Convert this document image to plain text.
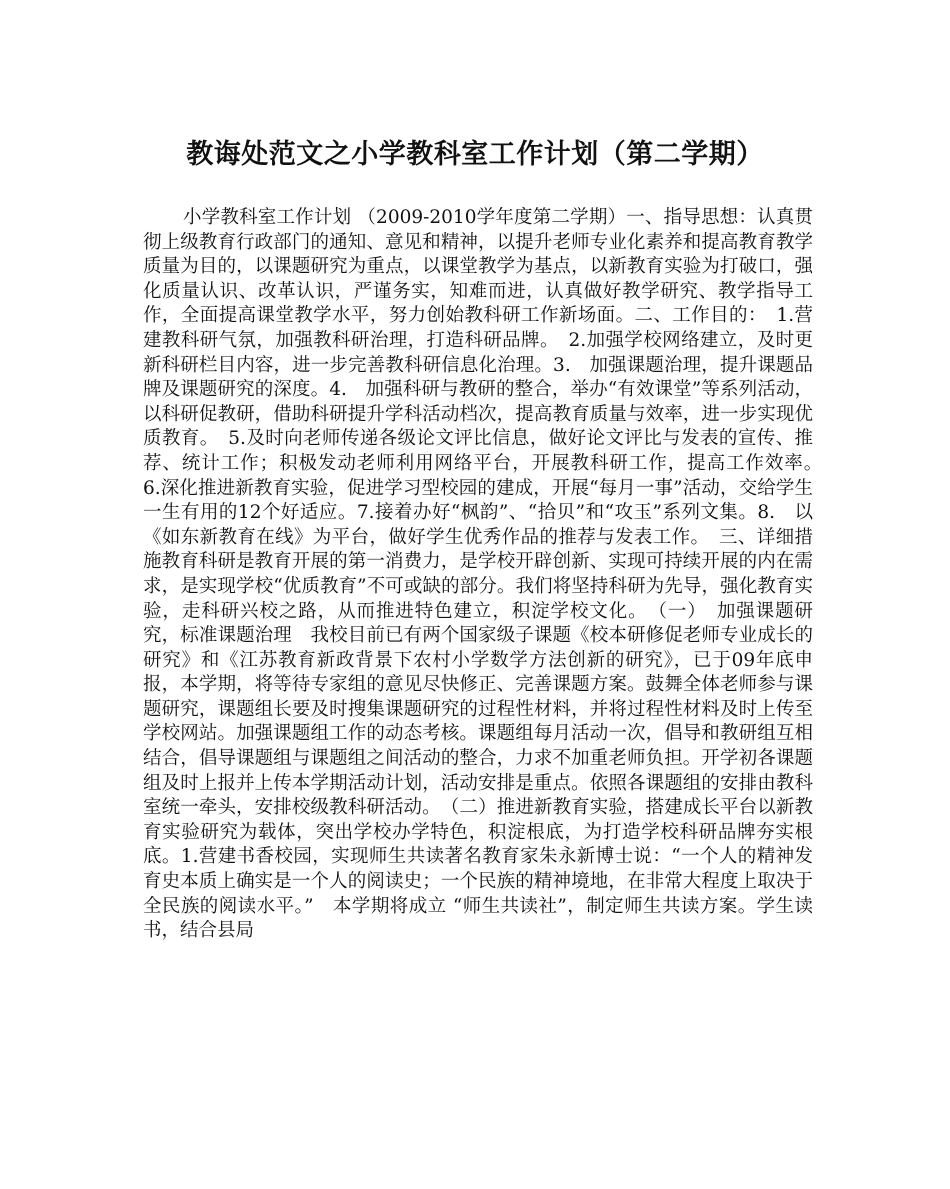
教诲处范文之小学教科室工作计划（第二学期）

小学教科室工作计划 （2009-2010学年度第二学期）一、指导思想：认真贯彻上级教育行政部门的通知、意见和精神，以提升老师专业化素养和提高教育教学质量为目的，以课题研究为重点，以课堂教学为基点，以新教育实验为打破口，强化质量认识、改革认识，严谨务实，知难而进，认真做好教学研究、教学指导工作，全面提高课堂教学水平，努力创始教科研工作新场面。二、工作目的：　1.营建教科研气氛，加强教科研治理，打造科研品牌。　2.加强学校网络建立，及时更新科研栏目内容，进一步完善教科研信息化治理。3.　加强课题治理，提升课题品牌及课题研究的深度。4.　加强科研与教研的整合，举办“有效课堂”等系列活动，以科研促教研，借助科研提升学科活动档次，提高教育质量与效率，进一步实现优质教育。　5.及时向老师传递各级论文评比信息，做好论文评比与发表的宣传、推荐、统计工作；积极发动老师利用网络平台，开展教科研工作，提高工作效率。　6.深化推进新教育实验，促进学习型校园的建成，开展“每月一事”活动，交给学生一生有用的12个好适应。7.接着办好“枫韵”、“拾贝”和“攻玉”系列文集。8.　以《如东新教育在线》为平台，做好学生优秀作品的推荐与发表工作。　三、详细措施教育科研是教育开展的第一消费力，是学校开辟创新、实现可持续开展的内在需求，是实现学校“优质教育”不可或缺的部分。我们将坚持科研为先导，强化教育实验，走科研兴校之路，从而推进特色建立，积淀学校文化。　（一）　加强课题研究，标准课题治理　我校目前已有两个国家级子课题《校本研修促老师专业成长的研究》和《江苏教育新政背景下农村小学数学方法创新的研究》，已于09年底申报，本学期，将等待专家组的意见尽快修正、完善课题方案。鼓舞全体老师参与课题研究，课题组长要及时搜集课题研究的过程性材料，并将过程性材料及时上传至学校网站。加强课题组工作的动态考核。课题组每月活动一次，倡导和教研组互相结合，倡导课题组与课题组之间活动的整合，力求不加重老师负担。开学初各课题组及时上报并上传本学期活动计划，活动安排是重点。依照各课题组的安排由教科室统一牵头，安排校级教科研活动。　（二）推进新教育实验，搭建成长平台以新教育实验研究为载体，突出学校办学特色，积淀根底，为打造学校科研品牌夯实根底。1.营建书香校园，实现师生共读著名教育家朱永新博士说：“一个人的精神发育史本质上确实是一个人的阅读史；一个民族的精神境地，在非常大程度上取决于全民族的阅读水平。”　本学期将成立 “师生共读社”，制定师生共读方案。学生读书，结合县局
